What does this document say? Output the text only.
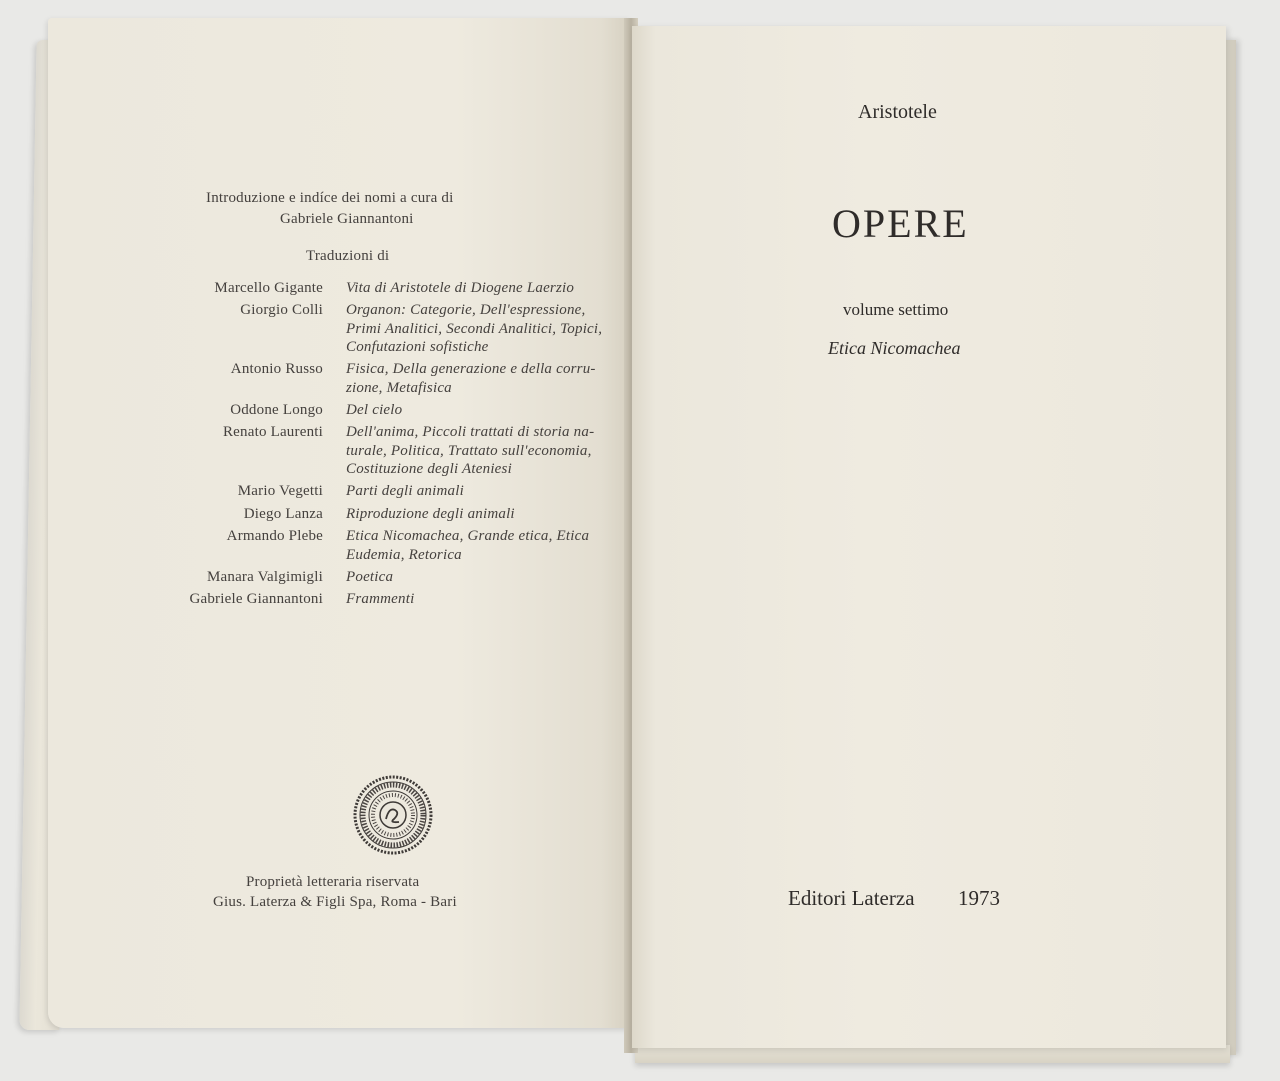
Introduzione e indíce dei nomi a cura di
Gabriele Giannantoni
Traduzioni di
Marcello Gigante
Giorgio Colli
Antonio Russo
Oddone Longo
Renato Laurenti
Mario Vegetti
Diego Lanza
Armando Plebe
Manara Valgimigli
Gabriele Giannantoni
Vita di Aristotele di Diogene Laerzio
Organon: Categorie, Dell'espressione,
Primi Analitici, Secondi Analitici, Topici,
Confutazioni sofistiche
Fisica, Della generazione e della corru-
zione, Metafisica
Del cielo
Dell'anima, Piccoli trattati di storia na-
turale, Politica, Trattato sull'economia,
Costituzione degli Ateniesi
Parti degli animali
Riproduzione degli animali
Etica Nicomachea, Grande etica, Etica
Eudemia, Retorica
Poetica
Frammenti
Proprietà letteraria riservata
Gius. Laterza & Figli Spa, Roma - Bari
Aristotele
OPERE
volume settimo
Etica Nicomachea
Editori Laterza 1973
